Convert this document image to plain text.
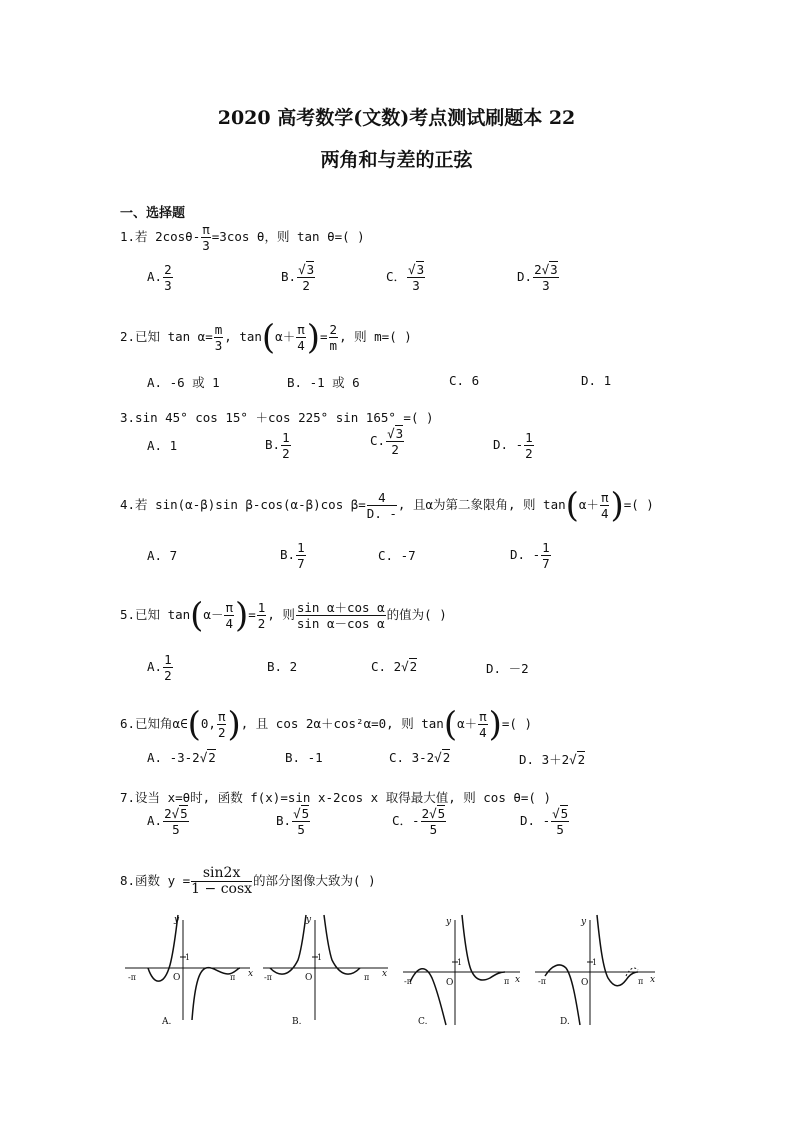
2020 高考数学(文数)考点测试刷题本 22
两角和与差的正弦
一、选择题
1.若 $2\cos\theta- \frac{\pi}{3} =3\cos$ θ，则 tan θ=( )
A. $\frac{2}{3}$	B. $\frac{√3}{2}$	C． $\frac{√3}{3}$	D. $\frac{2√3}{3}$
2.已知 $\tan \alpha= \frac{m}{3}$ , $\tan(\alpha+ \frac{\pi}{4}$ )= $\frac{2}{m}$ , 则 m=( )
A. -6 或 1	B. -1 或 6	C. 6	D. 1
3.sin 45° cos 15° ＋cos 225° sin 165° =( )
A. 1	B. $\frac{1}{2}$	C. $\frac{√3}{2}$	D. - $\frac{1}{2}$
4.若 sin(α-β)sin β-cos(α-β)cos $\beta= \frac{4}{D. -}$ , 且α为第二象限角, 则 $\tan(\alpha+ \frac{\pi}{4}$ )=( )
A. 7	B. $\frac{1}{7}$	C. -7	D. - $\frac{1}{7}$
5.已知 $\tan(\alpha- \frac{\pi}{4}$ )= $\frac{1}{2}$ , 则 $\frac{\text{sin α＋cos α}}{\text{sin α－cos α}}$ 的值为( )
A. $\frac{1}{2}$	B. 2	C. 2√2	D. －2
6.已知角α∈(0, $\frac{\pi}{2}$ ), 且 cos 2α＋cos²α=0, 则 $\tan(\alpha+ \frac{\pi}{4}$ )=( )
A. -3-2√2	B. -1	C. 3-2√2	D. 3＋2√2
7.设当 x=θ时, 函数 f(x)=sin x-2cos x 取得最大值, 则 cos θ=( )
A. $\frac{2√5}{5}$	B. $\frac{√5}{5}$	C．- $\frac{2√5}{5}$	D. - $\frac{√5}{5}$
8.函数 $y = \frac{\sin 2x}{1 - \cos x}$ 的部分图像大致为( )
y
x
O
1
-π	π
A.
y
x
O
1
-π	π
B.
y
x
O
1
-π	π
C.
y
x
O
1
-π	π
D.
